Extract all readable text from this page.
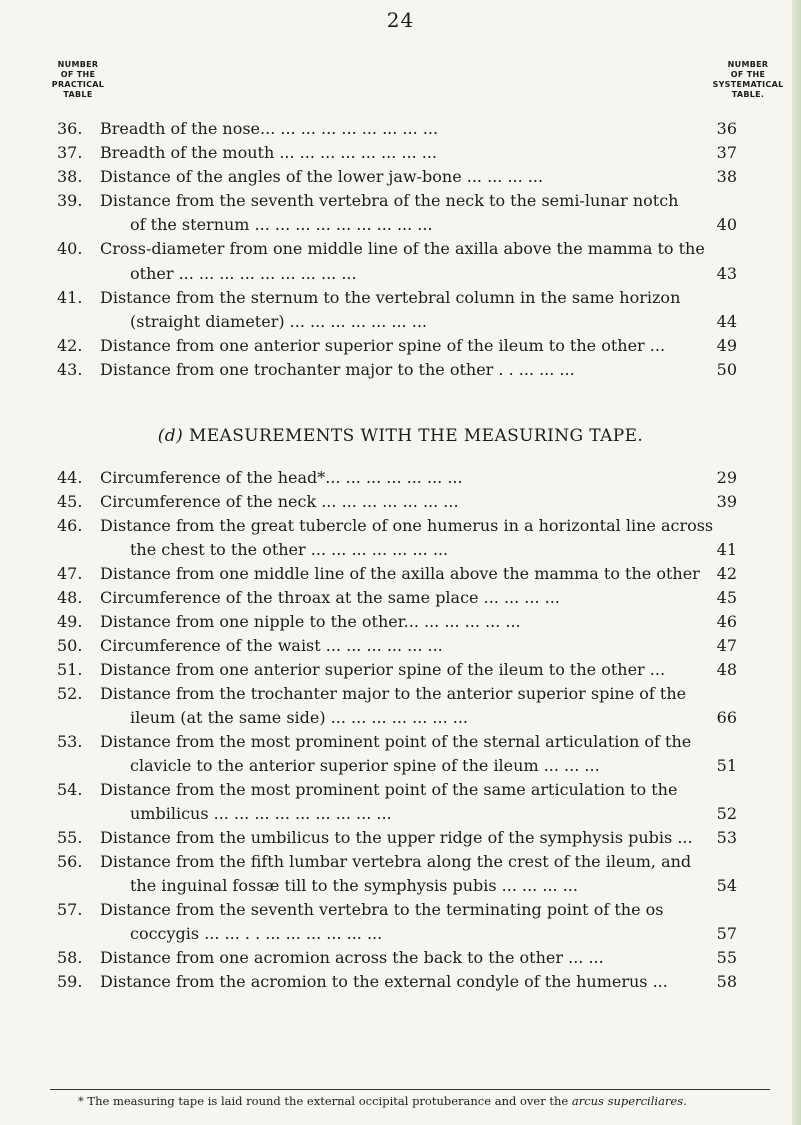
24
NUMBER
OF THE
PRACTICAL
TABLE
NUMBER
OF THE
SYSTEMATICAL
TABLE.
(d) MEASUREMENTS WITH THE MEASURING TAPE.
36. Breadth of the nose... ... ... ... ... ... ... ... ...	36
37. Breadth of the mouth ... ... ... ... ... ... ... ...	37
38. Distance of the angles of the lower jaw-bone ... ... ... ...	38
39. Distance from the seventh vertebra of the neck to the semi-lunar notch
of the sternum ... ... ... ... ... ... ... ... ...	40
40. Cross-diameter from one middle line of the axilla above the mamma to the
other ... ... ... ... ... ... ... ... ...	43
41. Distance from the sternum to the vertebral column in the same horizon
(straight diameter) ... ... ... ... ... ... ...	44
42. Distance from one anterior superior spine of the ileum to the other ...	49
43. Distance from one trochanter major to the other . . ... ... ...	50
44. Circumference of the head*... ... ... ... ... ... ...	29
45. Circumference of the neck ... ... ... ... ... ... ...	39
46. Distance from the great tubercle of one humerus in a horizontal line across
the chest to the other ... ... ... ... ... ... ...	41
47. Distance from one middle line of the axilla above the mamma to the other	42
48. Circumference of the throax at the same place ... ... ... ...	45
49. Distance from one nipple to the other... ... ... ... ... ...	46
50. Circumference of the waist ... ... ... ... ... ...	47
51. Distance from one anterior superior spine of the ileum to the other ...	48
52. Distance from the trochanter major to the anterior superior spine of the
ileum (at the same side) ... ... ... ... ... ... ...	66
53. Distance from the most prominent point of the sternal articulation of the
clavicle to the anterior superior spine of the ileum ... ... ...	51
54. Distance from the most prominent point of the same articulation to the
umbilicus ... ... ... ... ... ... ... ... ...	52
55. Distance from the umbilicus to the upper ridge of the symphysis pubis ...	53
56. Distance from the fifth lumbar vertebra along the crest of the ileum, and
the inguinal fossæ till to the symphysis pubis ... ... ... ...	54
57. Distance from the seventh vertebra to the terminating point of the os
coccygis ... ... . . ... ... ... ... ... ...	57
58. Distance from one acromion across the back to the other ... ...	55
59. Distance from the acromion to the external condyle of the humerus ...	58
* The measuring tape is laid round the external occipital protuberance and over the arcus superciliares.
